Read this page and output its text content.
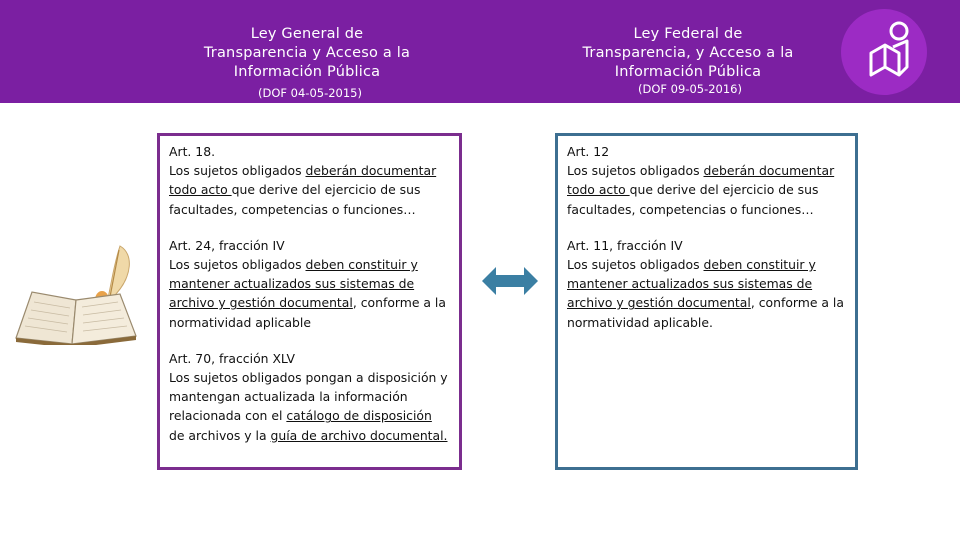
Ley General de
Transparencia y Acceso a la
Información Pública
(DOF 04-05-2015)
Ley Federal de
Transparencia, y Acceso a la
Información Pública
(DOF 09-05-2016)
Art. 18.
Los sujetos obligados deberán documentar todo acto que derive del ejercicio de sus facultades, competencias o funciones…
Art. 24, fracción IV
Los sujetos obligados deben constituir y mantener actualizados sus sistemas de archivo y gestión documental, conforme a la normatividad aplicable
Art. 70, fracción XLV
Los sujetos obligados pongan a disposición y mantengan actualizada la información relacionada con el catálogo de disposición de archivos y la guía de archivo documental.
Art. 12
Los sujetos obligados deberán documentar todo acto que derive del ejercicio de sus facultades, competencias o funciones…
Art. 11, fracción IV
Los sujetos obligados deben constituir y mantener actualizados sus sistemas de archivo y gestión documental, conforme a la normatividad aplicable.
